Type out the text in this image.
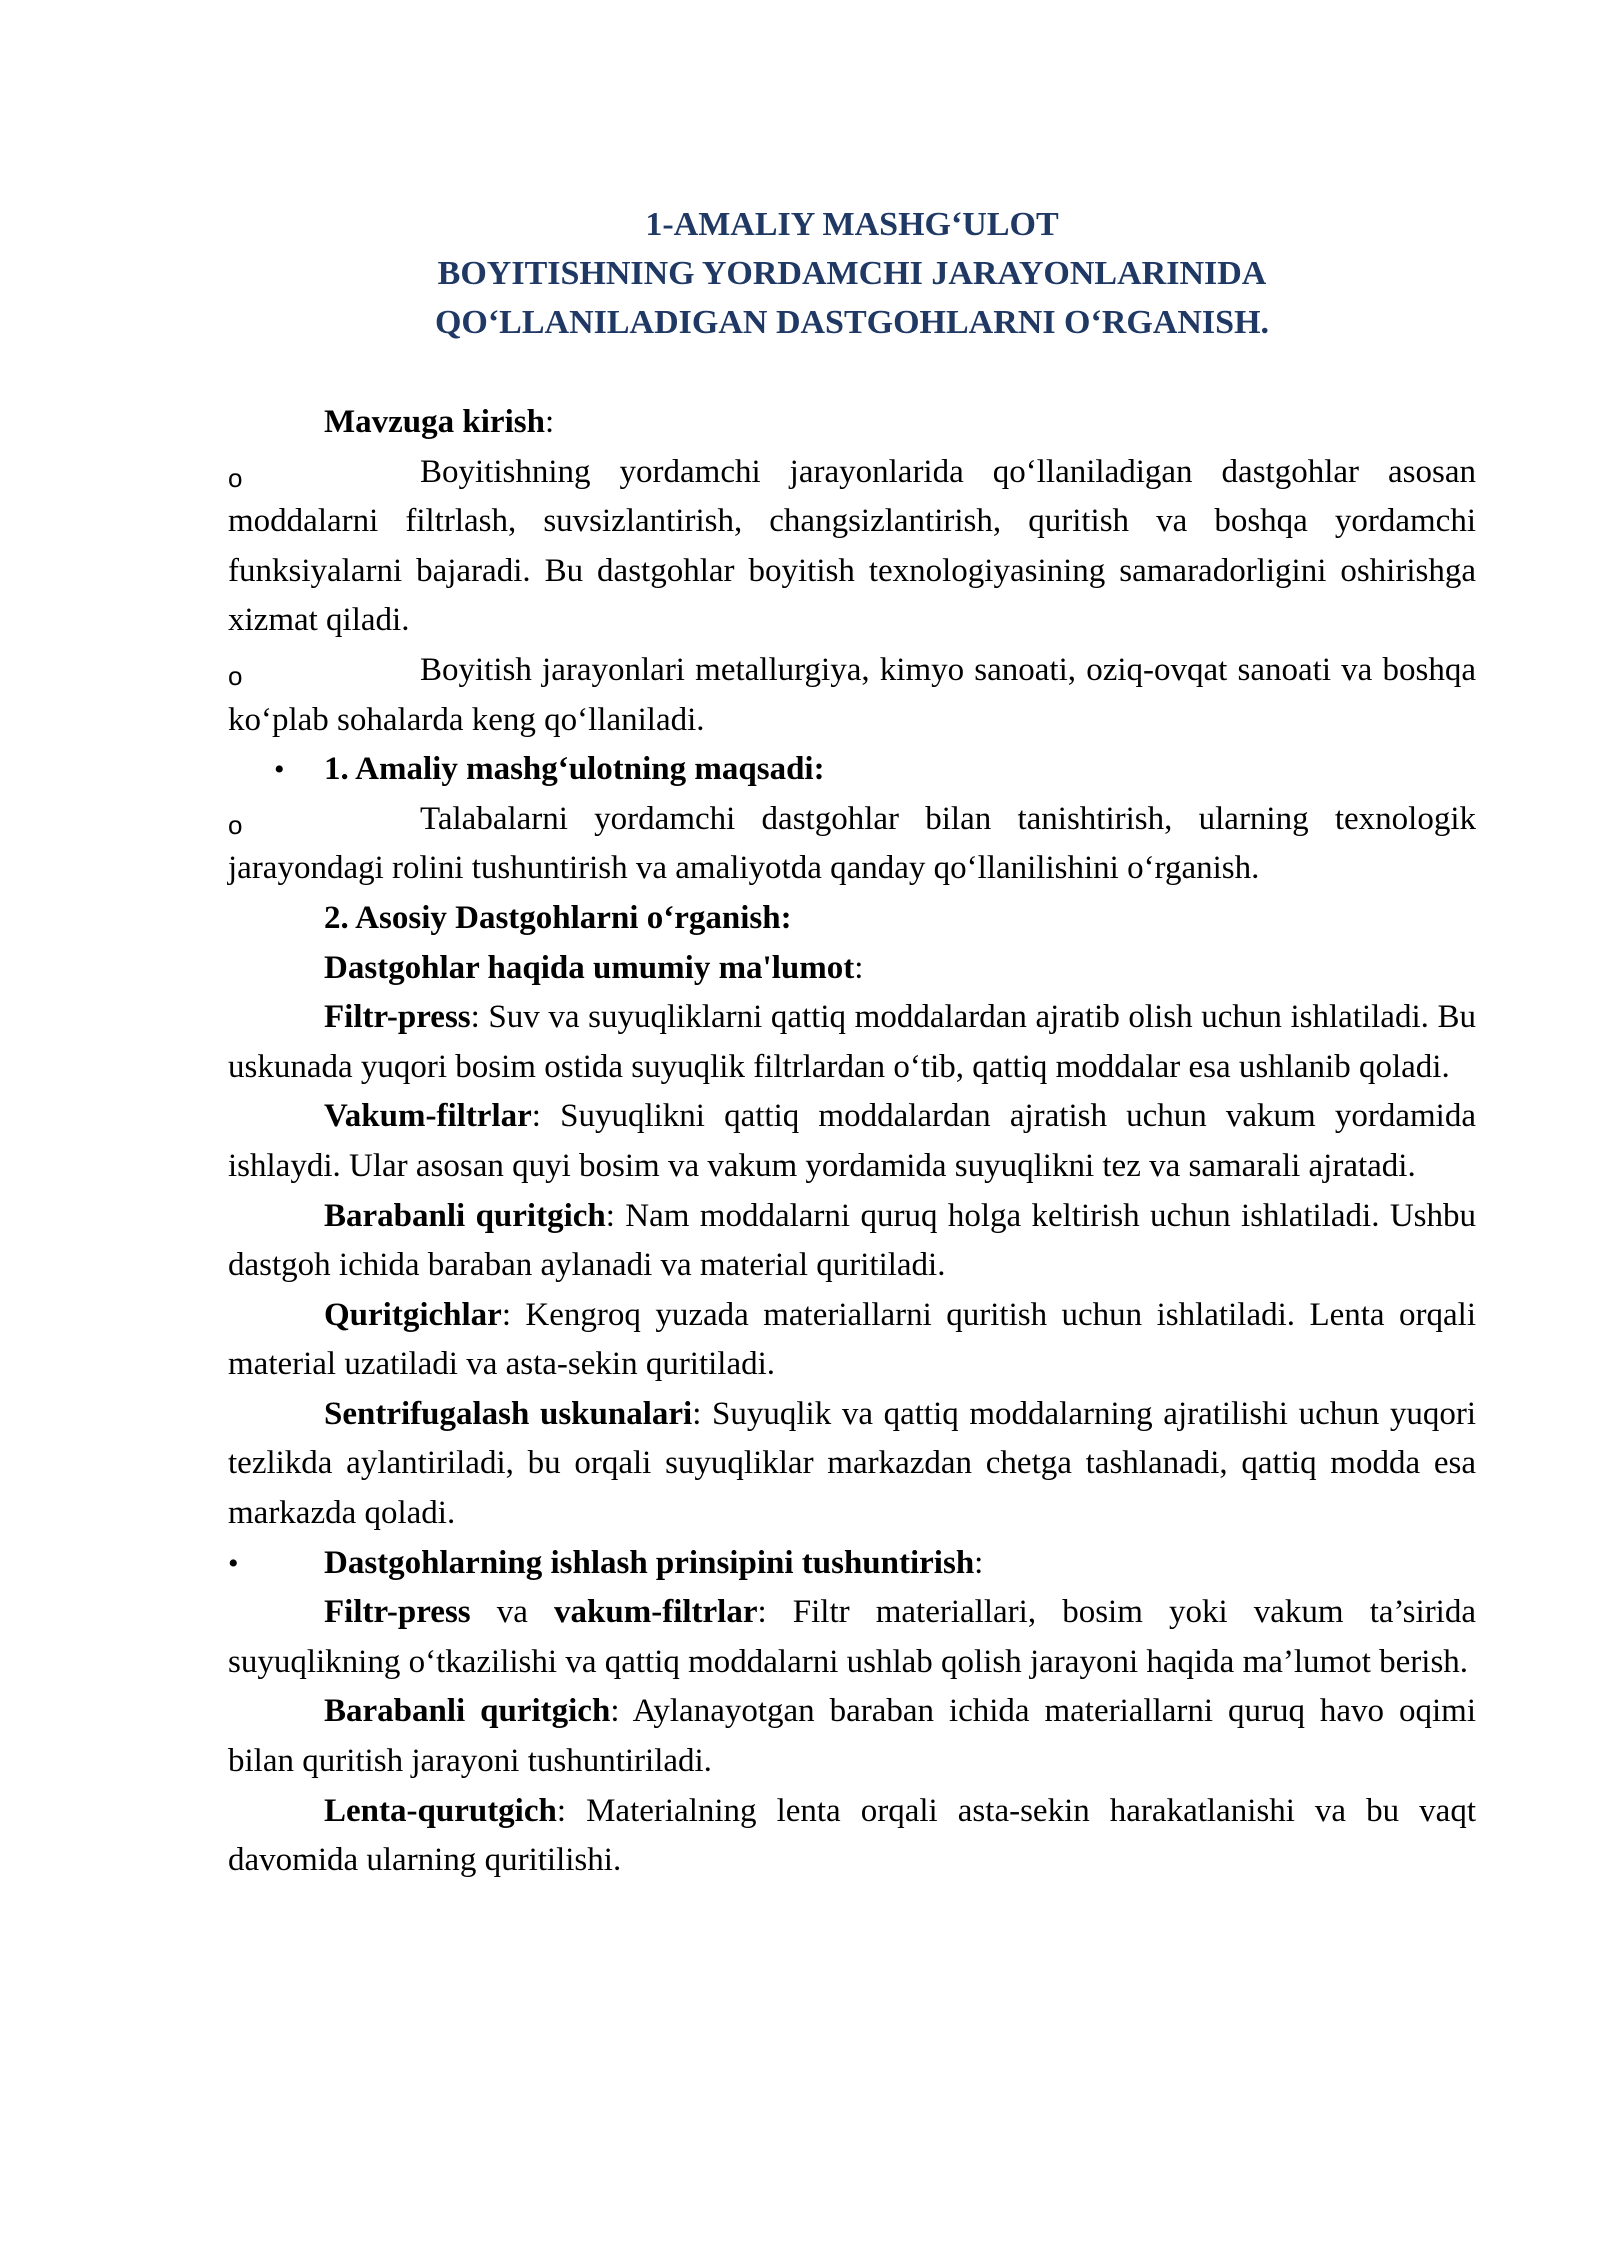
1-AMALIY MASHG‘ULOT
BOYITISHNING YORDAMCHI JARAYONLARINIDA
QO‘LLANILADIGAN DASTGOHLARNI O‘RGANISH.

Mavzuga kirish:

o	Boyitishning yordamchi jarayonlarida qo‘llaniladigan dastgohlar asosan moddalarni filtrlash, suvsizlantirish, changsizlantirish, quritish va boshqa yordamchi funksiyalarni bajaradi. Bu dastgohlar boyitish texnologiyasining samaradorligini oshirishga xizmat qiladi.

o	Boyitish jarayonlari metallurgiya, kimyo sanoati, oziq-ovqat sanoati va boshqa ko‘plab sohalarda keng qo‘llaniladi.

• 1. Amaliy mashg‘ulotning maqsadi:

o	Talabalarni yordamchi dastgohlar bilan tanishtirish, ularning texnologik jarayondagi rolini tushuntirish va amaliyotda qanday qo‘llanilishini o‘rganish.

2. Asosiy Dastgohlarni o‘rganish:

Dastgohlar haqida umumiy ma'lumot:

Filtr-press: Suv va suyuqliklarni qattiq moddalardan ajratib olish uchun ishlatiladi. Bu uskunada yuqori bosim ostida suyuqlik filtrlardan o‘tib, qattiq moddalar esa ushlanib qoladi.

Vakum-filtrlar: Suyuqlikni qattiq moddalardan ajratish uchun vakum yordamida ishlaydi. Ular asosan quyi bosim va vakum yordamida suyuqlikni tez va samarali ajratadi.

Barabanli quritgich: Nam moddalarni quruq holga keltirish uchun ishlatiladi. Ushbu dastgoh ichida baraban aylanadi va material quritiladi.

Quritgichlar: Kengroq yuzada materiallarni quritish uchun ishlatiladi. Lenta orqali material uzatiladi va asta-sekin quritiladi.

Sentrifugalash uskunalari: Suyuqlik va qattiq moddalarning ajratilishi uchun yuqori tezlikda aylantiriladi, bu orqali suyuqliklar markazdan chetga tashlanadi, qattiq modda esa markazda qoladi.

•	Dastgohlarning ishlash prinsipini tushuntirish:

Filtr-press va vakum-filtrlar: Filtr materiallari, bosim yoki vakum ta’sirida suyuqlikning o‘tkazilishi va qattiq moddalarni ushlab qolish jarayoni haqida ma’lumot berish.

Barabanli quritgich: Aylanayotgan baraban ichida materiallarni quruq havo oqimi bilan quritish jarayoni tushuntiriladi.

Lenta-qurutgich: Materialning lenta orqali asta-sekin harakatlanishi va bu vaqt davomida ularning quritilishi.
